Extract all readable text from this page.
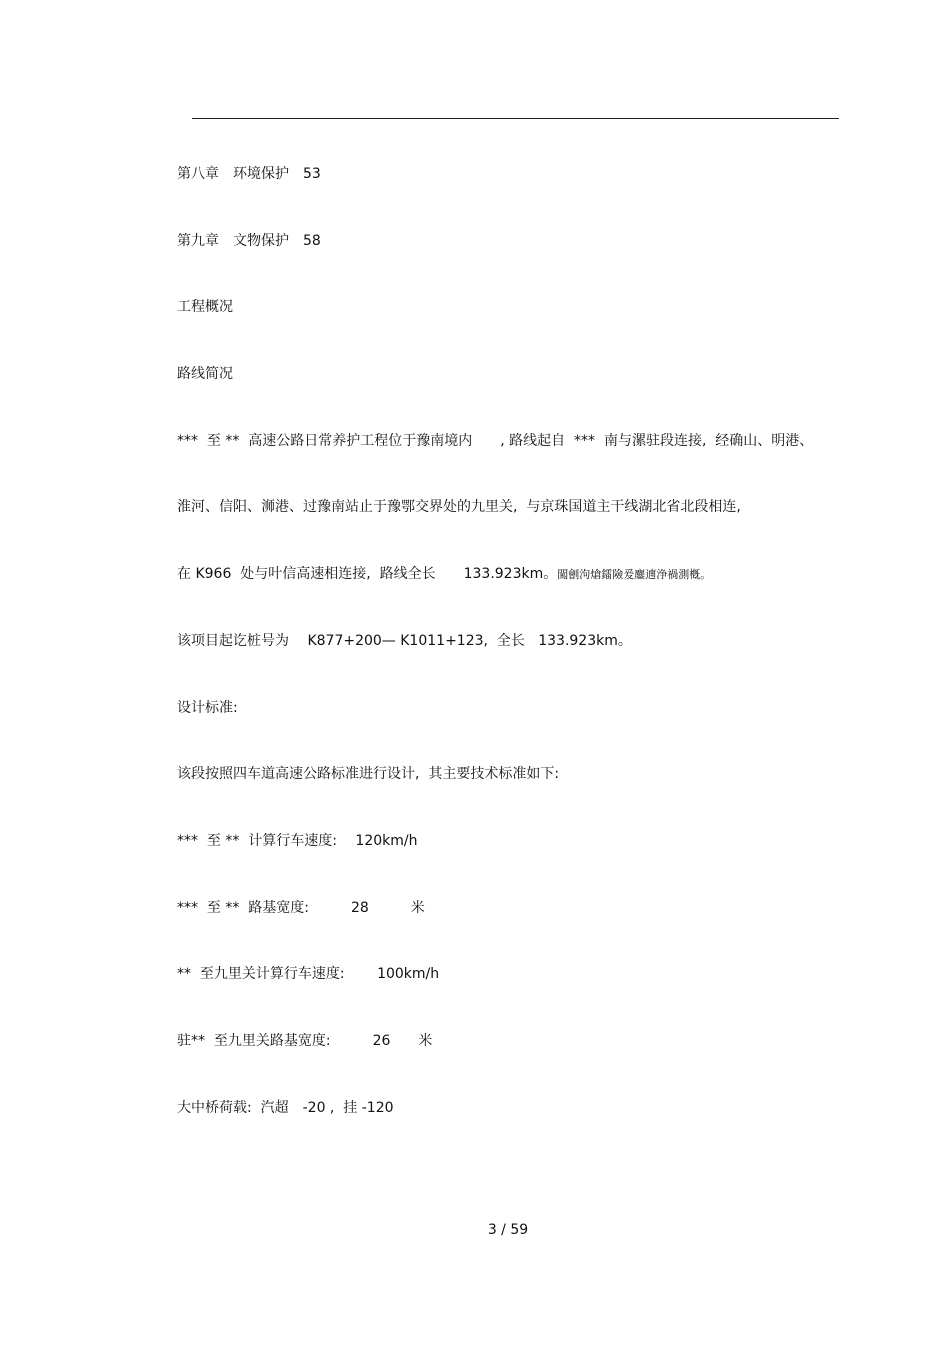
第八章　环境保护　53
第九章　文物保护　58
工程概况
路线简况
***  至 **  高速公路日常养护工程位于豫南境内　　, 路线起自  ***  南与漯驻段连接,  经确山、明港、
淮河、信阳、浉港、过豫南站止于豫鄂交界处的九里关,  与京珠国道主干线湖北省北段相连,
在 K966  处与叶信高速相连接,  路线全长　　133.923km。闖劊泃熗鐳險爰鏖遖浄禍測槪。
该项目起讫桩号为　 K877+200— K1011+123,  全长   133.923km。
设计标准:
该段按照四车道高速公路标准进行设计,  其主要技术标准如下:
***  至 **  计算行车速度:　 120km/h
***  至 **  路基宽度:　　　28　　　米
**  至九里关计算行车速度:　　 100km/h
驻**  至九里关路基宽度:　　　26　　米
大中桥荷载:  汽超　-20 ,  挂 -120
3 / 59
